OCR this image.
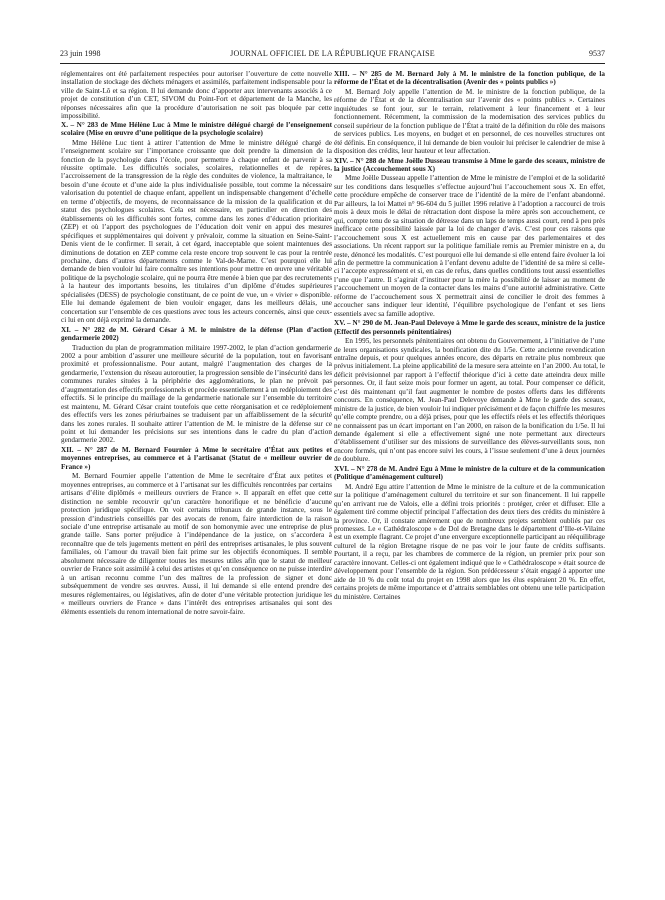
23 juin 1998	JOURNAL OFFICIEL DE LA RÉPUBLIQUE FRANÇAISE	9537

réglementaires ont été parfaitement respectées pour autoriser l’ouverture de cette nouvelle installation de stockage des déchets ménagers et assimilés, parfaitement indispensable pour la ville de Saint-Lô et sa région. Il lui demande donc d’apporter aux intervenants associés à ce projet de constitution d’un CET, SIVOM du Point-Fort et département de la Manche, les réponses nécessaires afin que la procédure d’autorisation ne soit pas bloquée par cette impossibilité.

X. – N° 283 de Mme Hélène Luc à Mme le ministre délégué chargé de l’enseignement scolaire (Mise en œuvre d’une politique de la psychologie scolaire)

Mme Hélène Luc tient à attirer l’attention de Mme le ministre délégué chargé de l’enseignement scolaire sur l’importance croissante que doit prendre la dimension de la fonction de la psychologie dans l’école, pour permettre à chaque enfant de parvenir à sa réussite optimale. Les difficultés sociales, scolaires, relationnelles et de repères, l’accroissement de la transgression de la règle des conduites de violence, la maltraitance, le besoin d’une écoute et d’une aide la plus individualisée possible, tout comme la nécessaire valorisation du potentiel de chaque enfant, appellent un indispensable changement d’échelle en terme d’objectifs, de moyens, de reconnaissance de la mission de la qualification et du statut des psychologues scolaires. Cela est nécessaire, en particulier en direction des établissements où les difficultés sont fortes, comme dans les zones d’éducation prioritaire (ZEP) et où l’apport des psychologues de l’éducation doit venir en appui des mesures spécifiques et supplémentaires qui doivent y prévaloir, comme la situation en Seine-Saint-Denis vient de le confirmer. Il serait, à cet égard, inacceptable que soient maintenues des diminutions de dotation en ZEP comme cela reste encore trop souvent le cas pour la rentrée prochaine, dans d’autres départements comme le Val-de-Marne. C’est pourquoi elle lui demande de bien vouloir lui faire connaître ses intentions pour mettre en œuvre une véritable politique de la psychologie scolaire, qui ne pourra être menée à bien que par des recrutements à la hauteur des importants besoins, les titulaires d’un diplôme d’études supérieures spécialisées (DESS) de psychologie constituant, de ce point de vue, un « vivier » disponible. Elle lui demande également de bien vouloir engager, dans les meilleurs délais, une concertation sur l’ensemble de ces questions avec tous les acteurs concernés, ainsi que ceux-ci lui en ont déjà exprimé la demande.

XI. – N° 282 de M. Gérard César à M. le ministre de la défense (Plan d’action gendarmerie 2002)

Traduction du plan de programmation militaire 1997-2002, le plan d’action gendarmerie 2002 a pour ambition d’assurer une meilleure sécurité de la population, tout en favorisant proximité et professionnalisme. Pour autant, malgré l’augmentation des charges de la gendarmerie, l’extension du réseau autoroutier, la progression sensible de l’insécurité dans les communes rurales situées à la périphérie des agglomérations, le plan ne prévoit pas d’augmentation des effectifs professionnels et procède essentiellement à un redéploiement des effectifs. Si le principe du maillage de la gendarmerie nationale sur l’ensemble du territoire est maintenu, M. Gérard César craint toutefois que cette réorganisation et ce redéploiement des effectifs vers les zones périurbaines se traduisent par un affaiblissement de la sécurité dans les zones rurales. Il souhaite attirer l’attention de M. le ministre de la défense sur ce point et lui demander les précisions sur ses intentions dans le cadre du plan d’action gendarmerie 2002.

XII. – N° 287 de M. Bernard Fournier à Mme le secrétaire d’État aux petites et moyennes entreprises, au commerce et à l’artisanat (Statut de « meilleur ouvrier de France »)

M. Bernard Fournier appelle l’attention de Mme le secrétaire d’État aux petites et moyennes entreprises, au commerce et à l’artisanat sur les difficultés rencontrées par certains artisans d’élite diplômés « meilleurs ouvriers de France ». Il apparaît en effet que cette distinction ne semble recouvrir qu’un caractère honorifique et ne bénéficie d’aucune protection juridique spécifique. On voit certains tribunaux de grande instance, sous le pression d’industriels conseillés par des avocats de renom, faire interdiction de la raison sociale d’une entreprise artisanale au motif de son homonymie avec une entreprise de plus grande taille. Sans porter préjudice à l’indépendance de la justice, on s’accordera à reconnaître que de tels jugements mettent en péril des entreprises artisanales, le plus souvent familiales, où l’amour du travail bien fait prime sur les objectifs économiques. Il semble absolument nécessaire de diligenter toutes les mesures utiles afin que le statut de meilleur ouvrier de France soit assimilé à celui des artistes et qu’en conséquence on ne puisse interdire à un artisan reconnu comme l’un des maîtres de la profession de signer et donc subséquemment de vendre ses œuvres. Aussi, il lui demande si elle entend prendre des mesures réglementaires, ou législatives, afin de doter d’une véritable protection juridique les « meilleurs ouvriers de France » dans l’intérêt des entreprises artisanales qui sont des éléments essentiels du renom international de notre savoir-faire.

XIII. – N° 285 de M. Bernard Joly à M. le ministre de la fonction publique, de la réforme de l’État et de la décentralisation (Avenir des « points publics »)

M. Bernard Joly appelle l’attention de M. le ministre de la fonction publique, de la réforme de l’État et de la décentralisation sur l’avenir des « points publics ». Certaines inquiétudes se font jour, sur le terrain, relativement à leur financement et à leur fonctionnement. Récemment, la commission de la modernisation des services publics du conseil supérieur de la fonction publique de l’État a traité de la définition du rôle des maisons de services publics. Les moyens, en budget et en personnel, de ces nouvelles structures ont été définis. En conséquence, il lui demande de bien vouloir lui préciser le calendrier de mise à disposition des crédits, leur hauteur et leur affectation.

XIV. – N° 288 de Mme Joëlle Dusseau transmise à Mme le garde des sceaux, ministre de la justice (Accouchement sous X)

Mme Joëlle Dusseau appelle l’attention de Mme le ministre de l’emploi et de la solidarité sur les conditions dans lesquelles s’effectue aujourd’hui l’accouchement sous X. En effet, cette procédure empêche de conserver trace de l’identité de la mère de l’enfant abandonné. Par ailleurs, la loi Mattei n° 96-604 du 5 juillet 1996 relative à l’adoption a raccourci de trois mois à deux mois le délai de rétractation dont dispose la mère après son accouchement, ce qui, compte tenu de sa situation de détresse dans un laps de temps aussi court, rend à peu près inefficace cette possibilité laissée par la loi de changer d’avis. C’est pour ces raisons que l’accouchement sous X est actuellement mis en cause par des parlementaires et des associations. Un récent rapport sur la politique familiale remis au Premier ministre en a, du reste, dénoncé les modalités. C’est pourquoi elle lui demande si elle entend faire évoluer la loi afin de permettre la communication à l’enfant devenu adulte de l’identité de sa mère si celle-ci l’accepte expressément et si, en cas de refus, dans quelles conditions tout aussi essentielles l’une que l’autre. Il s’agirait d’instituer pour la mère la possibilité de laisser au moment de l’accouchement un moyen de la contacter dans les mains d’une autorité administrative. Cette réforme de l’accouchement sous X permettrait ainsi de concilier le droit des femmes à accoucher sans indiquer leur identité, l’équilibre psychologique de l’enfant et ses liens essentiels avec sa famille adoptive.

XV. – N° 290 de M. Jean-Paul Delevoye à Mme le garde des sceaux, ministre de la justice (Effectif des personnels pénitentiaires)

En 1995, les personnels pénitentiaires ont obtenu du Gouvernement, à l’initiative de l’une de leurs organisations syndicales, la bonification dite du 1/5e. Cette ancienne revendication entraîne depuis, et pour quelques années encore, des départs en retraite plus nombreux que prévus initialement. La pleine applicabilité de la mesure sera atteinte en l’an 2000. Au total, le déficit prévisionnel par rapport à l’effectif théorique d’ici à cette date atteindra deux mille personnes. Or, il faut seize mois pour former un agent, au total. Pour compenser ce déficit, c’est dès maintenant qu’il faut augmenter le nombre de postes offerts dans les différents concours. En conséquence, M. Jean-Paul Delevoye demande à Mme le garde des sceaux, ministre de la justice, de bien vouloir lui indiquer précisément et de façon chiffrée les mesures qu’elle compte prendre, ou a déjà prises, pour que les effectifs réels et les effectifs théoriques ne connaissent pas un écart important en l’an 2000, en raison de la bonification du 1/5e. Il lui demande également si elle a effectivement signé une note permettant aux directeurs d’établissement d’utiliser sur des missions de surveillance des élèves-surveillants sous, non encore formés, qui n’ont pas encore suivi les cours, à l’issue seulement d’une à deux journées de doublure.

XVI. – N° 278 de M. André Egu à Mme le ministre de la culture et de la communication (Politique d’aménagement culturel)

M. André Egu attire l’attention de Mme le ministre de la culture et de la communication sur la politique d’aménagement culturel du territoire et sur son financement. Il lui rappelle qu’en arrivant rue de Valois, elle a défini trois priorités : protéger, créer et diffuser. Elle a également tiré comme objectif principal l’affectation des deux tiers des crédits du ministère à la province. Or, il constate amèrement que de nombreux projets semblent oubliés par ces promesses. Le « Cathédraloscope » de Dol de Bretagne dans le département d’Ille-et-Vilaine est un exemple flagrant. Ce projet d’une envergure exceptionnelle participant au rééquilibrage culturel de la région Bretagne risque de ne pas voir le jour faute de crédits suffisants. Pourtant, il a reçu, par les chambres de commerce de la région, un premier prix pour son caractère innovant. Celles-ci ont également indiqué que le « Cathédraloscope » était source de développement pour l’ensemble de la région. Son prédécesseur s’était engagé à apporter une aide de 10 % du coût total du projet en 1998 alors que les élus espéraient 20 %. En effet, certains projets de même importance et d’attraits semblables ont obtenu une telle participation du ministère. Certaines
